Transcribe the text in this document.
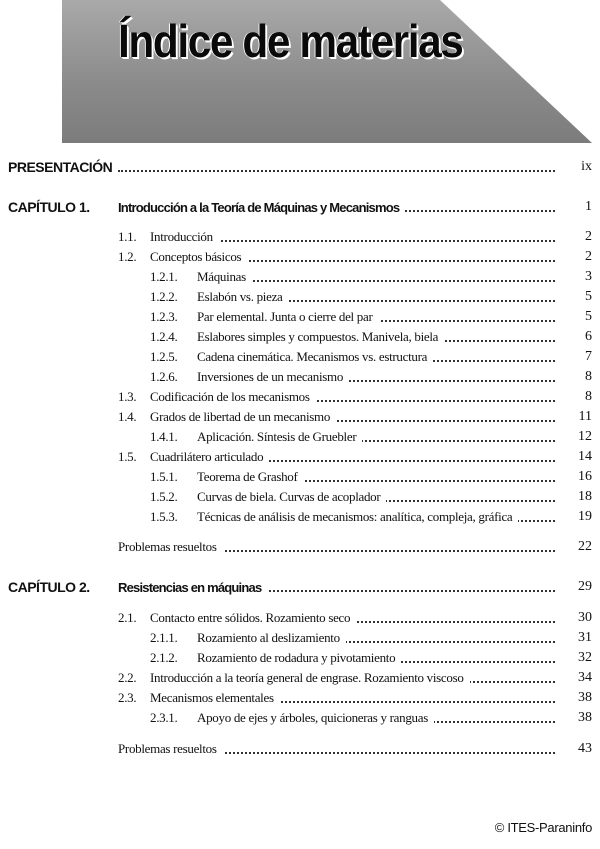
Índice de materias
PRESENTACIÓN	ix
CAPÍTULO 1. Introducción a la Teoría de Máquinas y Mecanismos	1
1.1. Introducción	2
1.2. Conceptos básicos	2
1.2.1. Máquinas	3
1.2.2. Eslabón vs. pieza	5
1.2.3. Par elemental. Junta o cierre del par	5
1.2.4. Eslabores simples y compuestos. Manivela, biela	6
1.2.5. Cadena cinemática. Mecanismos vs. estructura	7
1.2.6. Inversiones de un mecanismo	8
1.3. Codificación de los mecanismos	8
1.4. Grados de libertad de un mecanismo	11
1.4.1. Aplicación. Síntesis de Gruebler	12
1.5. Cuadrilátero articulado	14
1.5.1. Teorema de Grashof	16
1.5.2. Curvas de biela. Curvas de acoplador	18
1.5.3. Técnicas de análisis de mecanismos: analítica, compleja, gráfica	19
Problemas resueltos	22
CAPÍTULO 2. Resistencias en máquinas	29
2.1. Contacto entre sólidos. Rozamiento seco	30
2.1.1. Rozamiento al deslizamiento	31
2.1.2. Rozamiento de rodadura y pivotamiento	32
2.2. Introducción a la teoría general de engrase. Rozamiento viscoso	34
2.3. Mecanismos elementales	38
2.3.1. Apoyo de ejes y árboles, quicioneras y ranguas	38
Problemas resueltos	43
© ITES-Paraninfo
